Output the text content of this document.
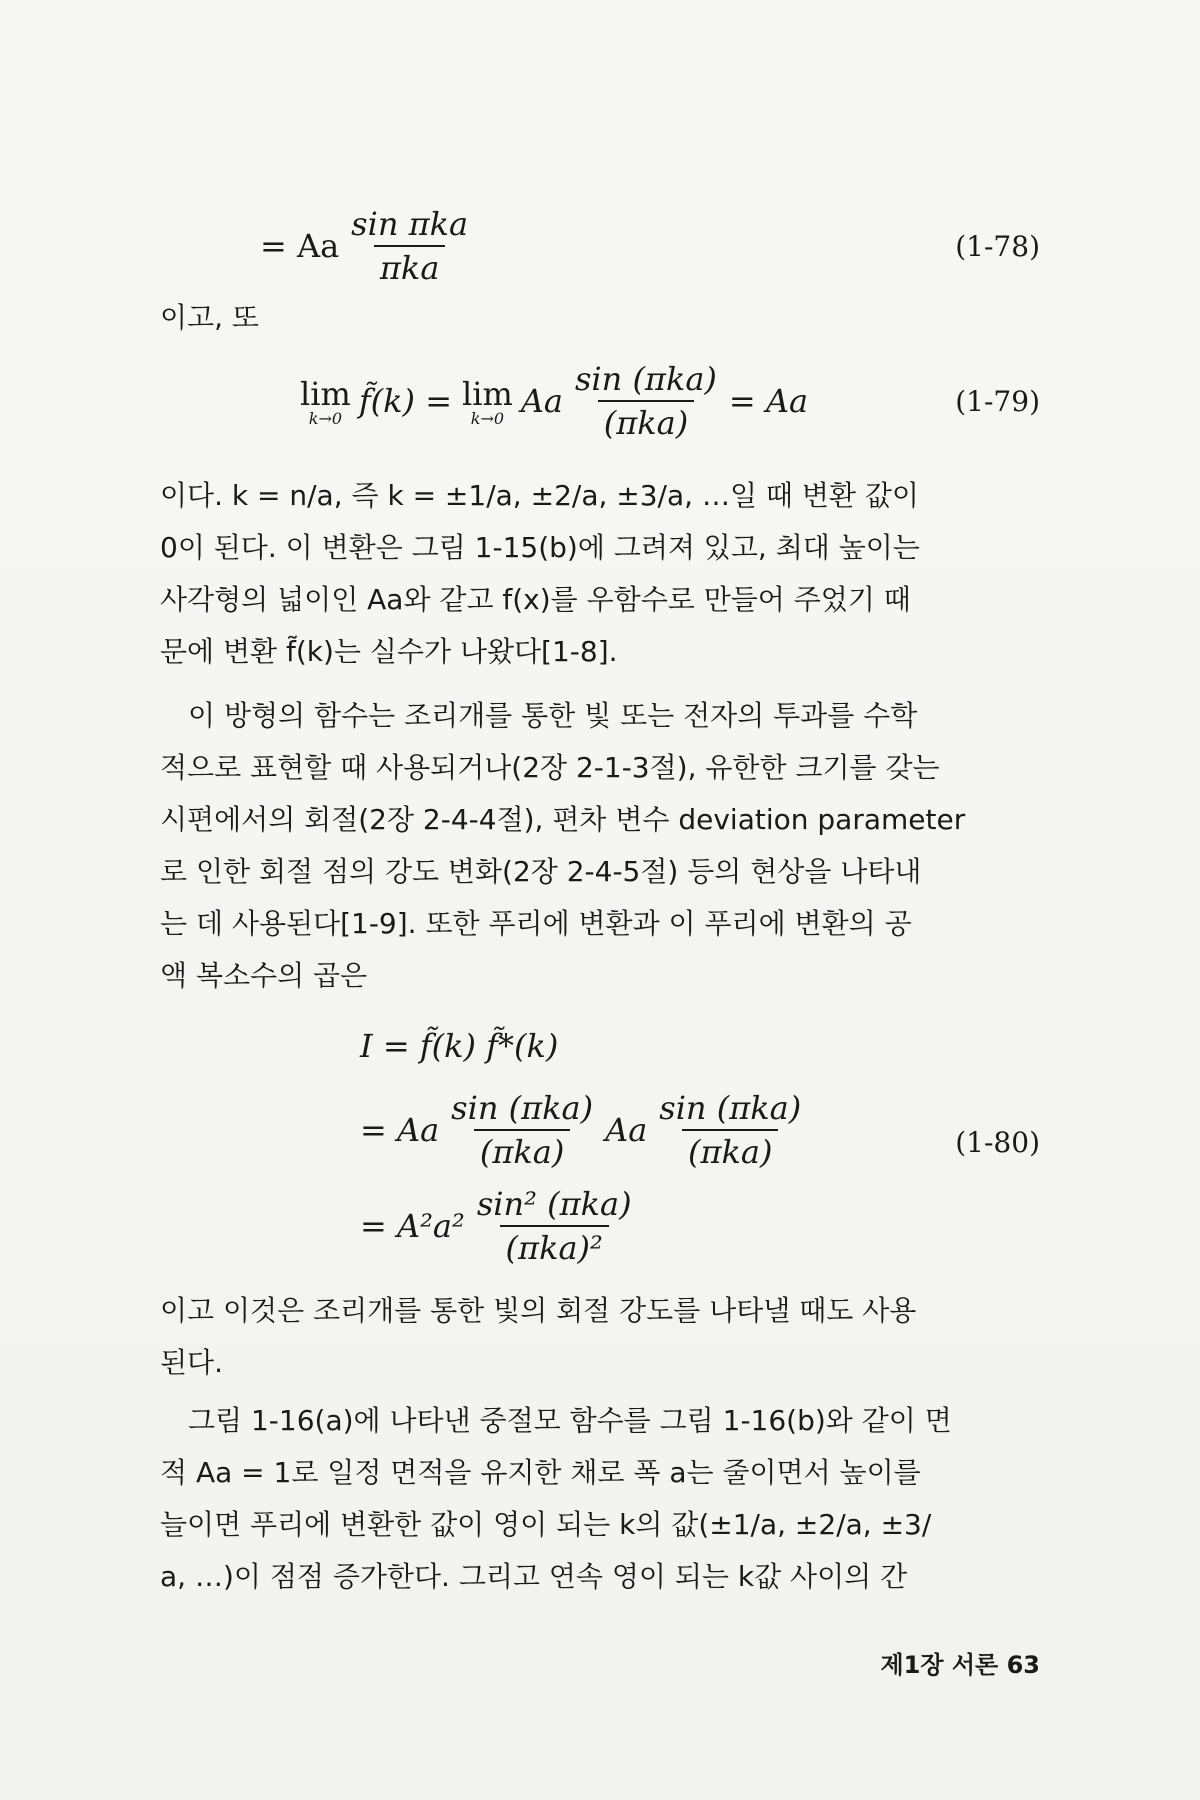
= Aa $\frac{\text{sin πka}}{\text{πka}}$	(1-78)
이고, 또
lim
k→0 f̃(k) = lim
k→0 Aa $\frac{\text{sin (πka)}}{\text{(πka)}} = Aa$	(1-79)
이다. k = n/a, 즉 k = ±1/a, ±2/a, ±3/a, …일 때 변환 값이
0이 된다. 이 변환은 그림 1-15(b)에 그려져 있고, 최대 높이는
사각형의 넓이인 Aa와 같고 f(x)를 우함수로 만들어 주었기 때
문에 변환 f̃(k)는 실수가 나왔다[1-8].
이 방형의 함수는 조리개를 통한 빛 또는 전자의 투과를 수학
적으로 표현할 때 사용되거나(2장 2-1-3절), 유한한 크기를 갖는
시편에서의 회절(2장 2-4-4절), 편차 변수 deviation parameter
로 인한 회절 점의 강도 변화(2장 2-4-5절) 등의 현상을 나타내
는 데 사용된다[1-9]. 또한 푸리에 변환과 이 푸리에 변환의 공
액 복소수의 곱은
I = f̃(k) f̃*(k)
= Aa $\frac{\text{sin (πka)}}{\text{(πka)}}$ Aa $\frac{\text{sin (πka)}}{\text{(πka)}}$
= $A^2a^2 \frac{\text{sin² (πka)}}{\text{(πka)²}}$
(1-80)
이고 이것은 조리개를 통한 빛의 회절 강도를 나타낼 때도 사용
된다.
그림 1-16(a)에 나타낸 중절모 함수를 그림 1-16(b)와 같이 면
적 Aa = 1로 일정 면적을 유지한 채로 폭 a는 줄이면서 높이를
늘이면 푸리에 변환한 값이 영이 되는 k의 값(±1/a, ±2/a, ±3/
a, …)이 점점 증가한다. 그리고 연속 영이 되는 k값 사이의 간
제1장 서론 63
